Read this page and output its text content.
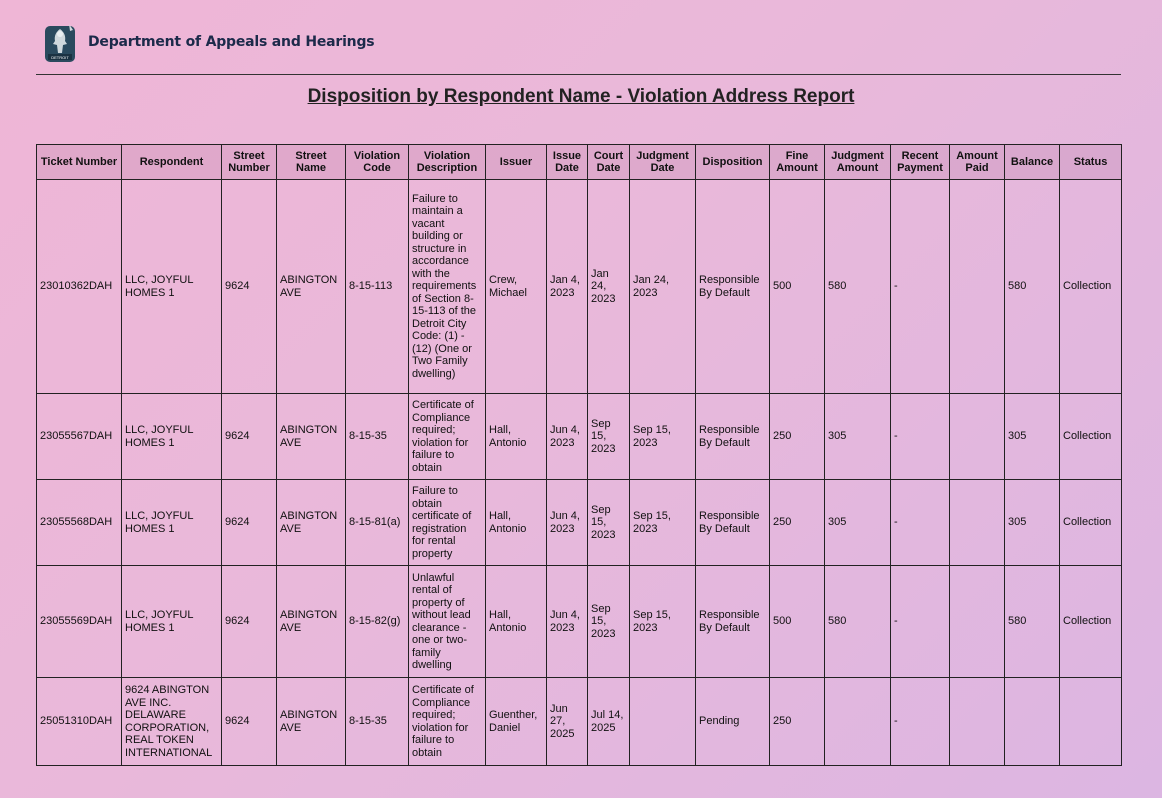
DETROIT
Department of Appeals and Hearings
Disposition by Respondent Name - Violation Address Report
Ticket Number	Respondent	Street Number	Street Name	Violation Code	Violation Description	Issuer	Issue Date	Court Date	Judgment Date	Disposition	Fine Amount	Judgment Amount	Recent Payment	Amount Paid	Balance	Status
23010362DAH	LLC, JOYFUL HOMES 1	9624	ABINGTON AVE	8-15-113	Failure to maintain a vacant building or structure in accordance with the requirements of Section 8-15-113 of the Detroit City Code: (1) - (12) (One or Two Family dwelling)	Crew, Michael	Jan 4, 2023	Jan 24, 2023	Jan 24, 2023	Responsible By Default	500	580	-		580	Collection
23055567DAH	LLC, JOYFUL HOMES 1	9624	ABINGTON AVE	8-15-35	Certificate of Compliance required; violation for failure to obtain	Hall, Antonio	Jun 4, 2023	Sep 15, 2023	Sep 15, 2023	Responsible By Default	250	305	-		305	Collection
23055568DAH	LLC, JOYFUL HOMES 1	9624	ABINGTON AVE	8-15-81(a)	Failure to obtain certificate of registration for rental property	Hall, Antonio	Jun 4, 2023	Sep 15, 2023	Sep 15, 2023	Responsible By Default	250	305	-		305	Collection
23055569DAH	LLC, JOYFUL HOMES 1	9624	ABINGTON AVE	8-15-82(g)	Unlawful rental of property of without lead clearance - one or two-family dwelling	Hall, Antonio	Jun 4, 2023	Sep 15, 2023	Sep 15, 2023	Responsible By Default	500	580	-		580	Collection
25051310DAH	9624 ABINGTON AVE INC. DELAWARE CORPORATION, REAL TOKEN INTERNATIONAL	9624	ABINGTON AVE	8-15-35	Certificate of Compliance required; violation for failure to obtain	Guenther, Daniel	Jun 27, 2025	Jul 14, 2025		Pending	250		-			
